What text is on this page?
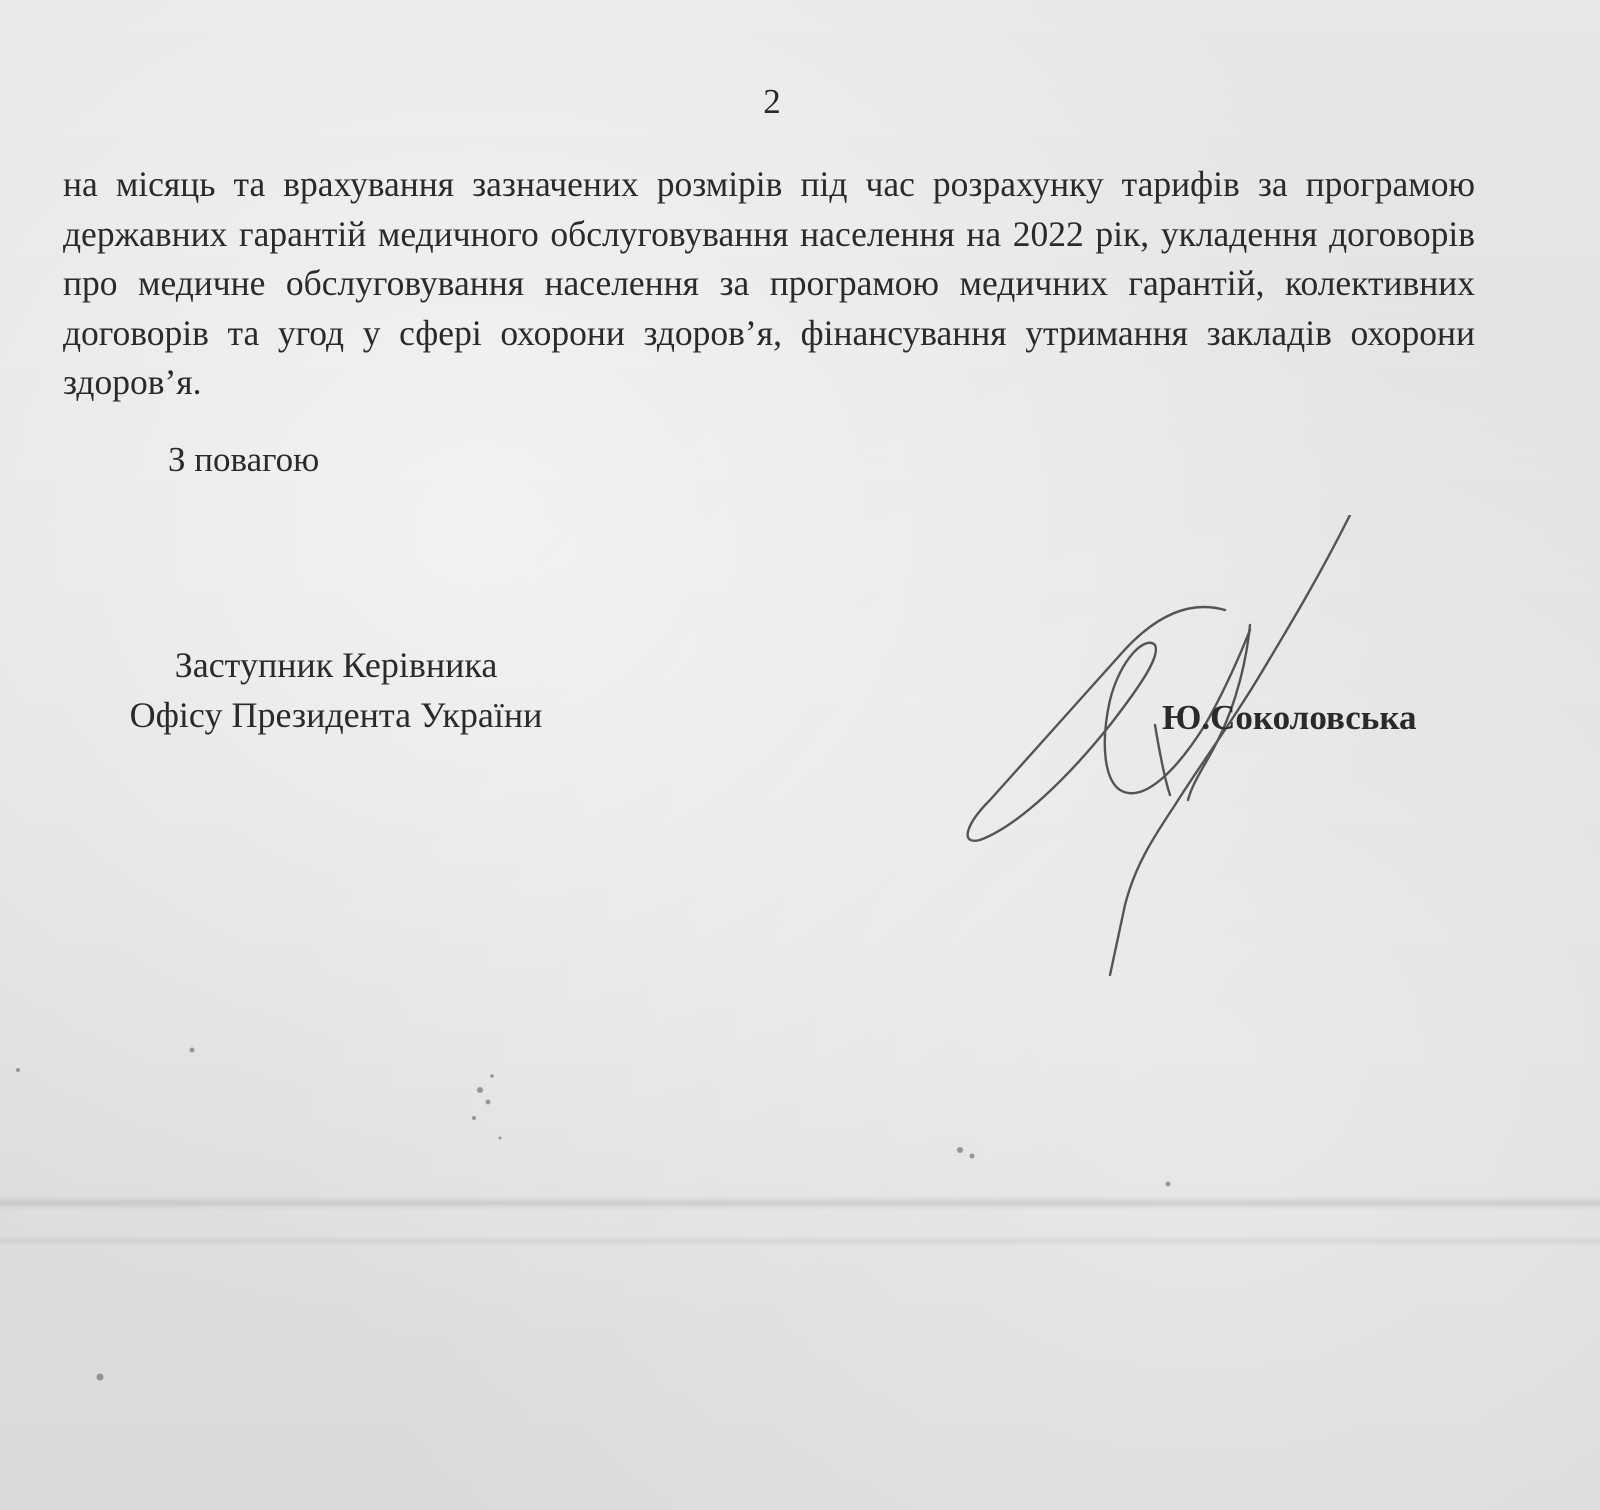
2

на місяць та врахування зазначених розмірів під час розрахунку тарифів за програмою державних гарантій медичного обслуговування населення на 2022 рік, укладення договорів про медичне обслуговування населення за програмою медичних гарантій, колективних договорів та угод у сфері охорони здоров’я, фінансування утримання закладів охорони здоров’я.

З повагою

Заступник Керівника
Офісу Президента України	Ю.Соколовська
